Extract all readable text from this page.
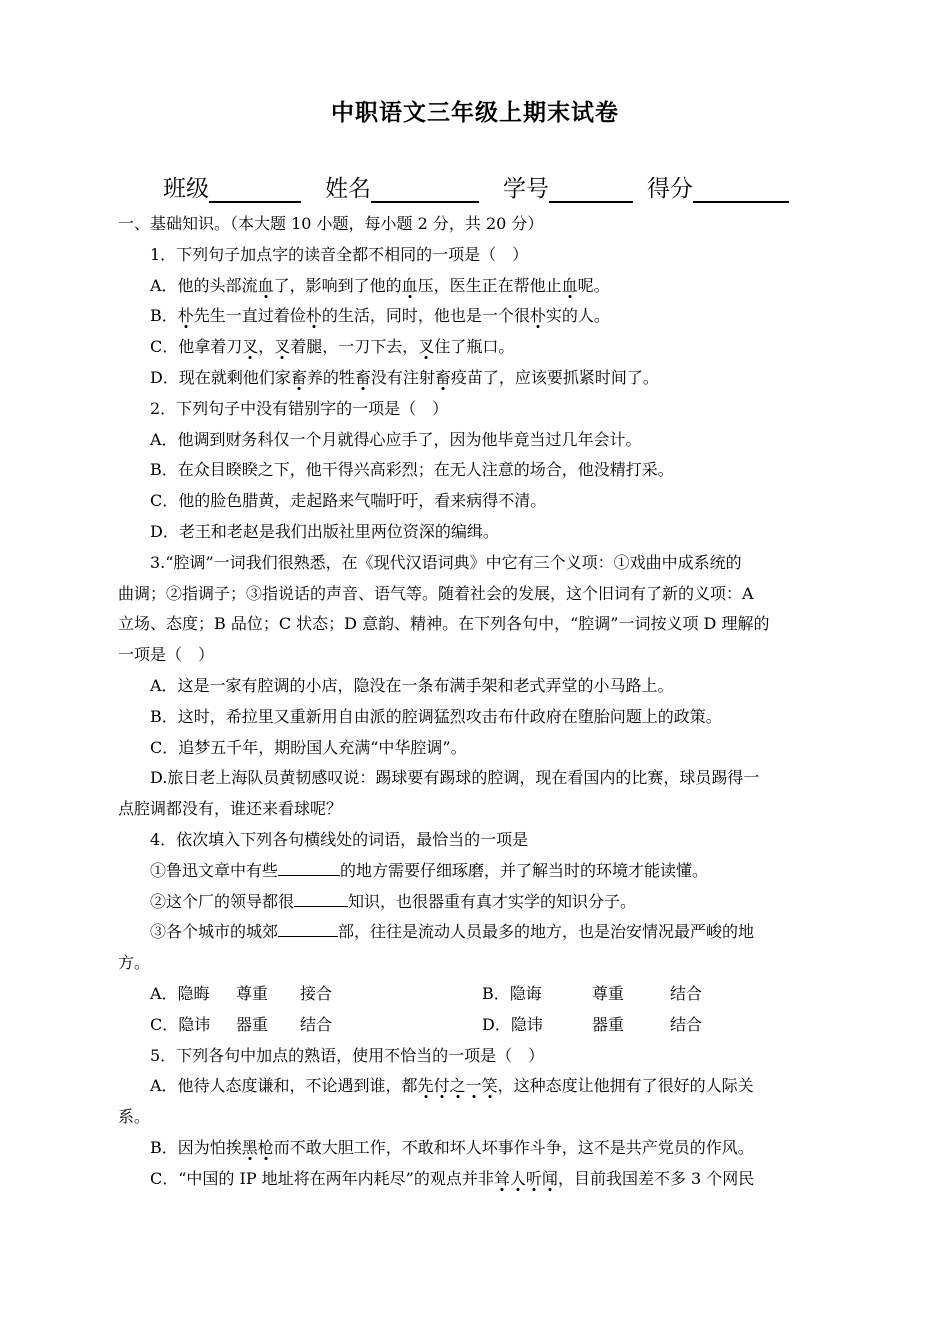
中职语文三年级上期末试卷
班级	姓名	学号	得分
一、基础知识。（本大题 10 小题，每小题 2 分，共 20 分）
1．下列句子加点字的读音全都不相同的一项是（　）
A．他的头部流血了，影响到了他的血压，医生正在帮他止血呢。
B．朴先生一直过着俭朴的生活，同时，他也是一个很朴实的人。
C．他拿着刀叉，叉着腿，一刀下去，叉住了瓶口。
D．现在就剩他们家畜养的牲畜没有注射畜疫苗了，应该要抓紧时间了。
2．下列句子中没有错别字的一项是（　）
A．他调到财务科仅一个月就得心应手了，因为他毕竟当过几年会计。
B．在众目睽睽之下，他干得兴高彩烈；在无人注意的场合，他没精打采。
C．他的脸色腊黄，走起路来气喘吁吁，看来病得不清。
D．老王和老赵是我们出版社里两位资深的编缉。
3.“腔调”一词我们很熟悉，在《现代汉语词典》中它有三个义项：①戏曲中成系统的
曲调；②指调子；③指说话的声音、语气等。随着社会的发展，这个旧词有了新的义项：A
立场、态度；B 品位；C 状态；D 意韵、精神。在下列各句中，“腔调”一词按义项 D 理解的
一项是（　）
A．这是一家有腔调的小店，隐没在一条布满手架和老式弄堂的小马路上。
B．这时，希拉里又重新用自由派的腔调猛烈攻击布什政府在堕胎问题上的政策。
C．追梦五千年，期盼国人充满“中华腔调”。
D.旅日老上海队员黄韧感叹说：踢球要有踢球的腔调，现在看国内的比赛，球员踢得一
点腔调都没有，谁还来看球呢？
4．依次填入下列各句横线处的词语，最恰当的一项是
①鲁迅文章中有些	的地方需要仔细琢磨，并了解当时的环境才能读懂。
②这个厂的领导都很	知识，也很器重有真才实学的知识分子。
③各个城市的城郊	部，往往是流动人员最多的地方，也是治安情况最严峻的地
方。
A．隐晦	尊重	接合	B．隐诲	尊重	结合
C．隐讳	器重	结合	D．隐讳	器重	结合
5．下列各句中加点的熟语，使用不恰当的一项是（　）
A．他待人态度谦和，不论遇到谁，都先付之一笑，这种态度让他拥有了很好的人际关
系。
B．因为怕挨黑枪而不敢大胆工作，不敢和坏人坏事作斗争，这不是共产党员的作风。
C．“中国的 IP 地址将在两年内耗尽”的观点并非耸人听闻，目前我国差不多 3 个网民
